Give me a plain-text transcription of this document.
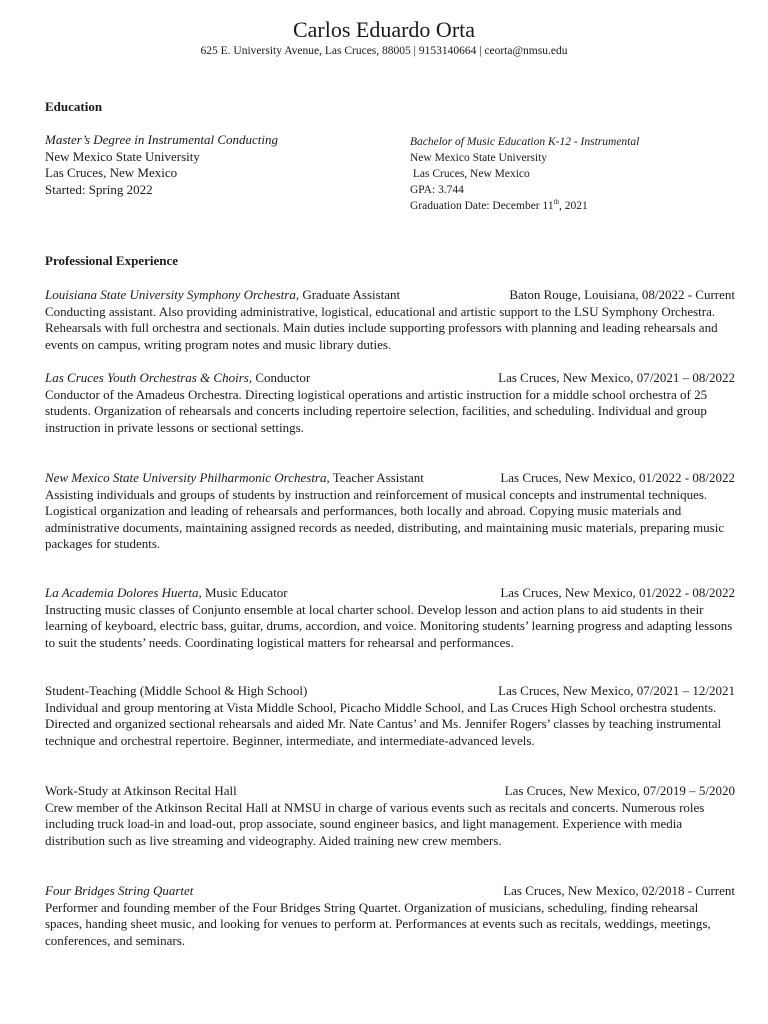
Carlos Eduardo Orta
625 E. University Avenue, Las Cruces, 88005 | 9153140664 | ceorta@nmsu.edu
Education
Master’s Degree in Instrumental Conducting
New Mexico State University
Las Cruces, New Mexico
Started: Spring 2022
Bachelor of Music Education K-12 - Instrumental
New Mexico State University
Las Cruces, New Mexico
GPA: 3.744
Graduation Date: December 11th, 2021
Professional Experience
Louisiana State University Symphony Orchestra, Graduate Assistant	Baton Rouge, Louisiana, 08/2022 - Current

Conducting assistant. Also providing administrative, logistical, educational and artistic support to the LSU Symphony Orchestra. Rehearsals with full orchestra and sectionals. Main duties include supporting professors with planning and leading rehearsals and events on campus, writing program notes and music library duties.

Las Cruces Youth Orchestras & Choirs, Conductor	Las Cruces, New Mexico, 07/2021 – 08/2022

Conductor of the Amadeus Orchestra. Directing logistical operations and artistic instruction for a middle school orchestra of 25 students. Organization of rehearsals and concerts including repertoire selection, facilities, and scheduling. Individual and group instruction in private lessons or sectional settings.

New Mexico State University Philharmonic Orchestra, Teacher Assistant	Las Cruces, New Mexico, 01/2022 - 08/2022

Assisting individuals and groups of students by instruction and reinforcement of musical concepts and instrumental techniques. Logistical organization and leading of rehearsals and performances, both locally and abroad. Copying music materials and administrative documents, maintaining assigned records as needed, distributing, and maintaining music materials, preparing music packages for students.

La Academia Dolores Huerta, Music Educator	Las Cruces, New Mexico, 01/2022 - 08/2022

Instructing music classes of Conjunto ensemble at local charter school. Develop lesson and action plans to aid students in their learning of keyboard, electric bass, guitar, drums, accordion, and voice. Monitoring students’ learning progress and adapting lessons to suit the students’ needs. Coordinating logistical matters for rehearsal and performances.

Student-Teaching (Middle School & High School)	Las Cruces, New Mexico, 07/2021 – 12/2021

Individual and group mentoring at Vista Middle School, Picacho Middle School, and Las Cruces High School orchestra students. Directed and organized sectional rehearsals and aided Mr. Nate Cantus’ and Ms. Jennifer Rogers’ classes by teaching instrumental technique and orchestral repertoire. Beginner, intermediate, and intermediate-advanced levels.

Work-Study at Atkinson Recital Hall	Las Cruces, New Mexico, 07/2019 – 5/2020

Crew member of the Atkinson Recital Hall at NMSU in charge of various events such as recitals and concerts. Numerous roles including truck load-in and load-out, prop associate, sound engineer basics, and light management. Experience with media distribution such as live streaming and videography. Aided training new crew members.

Four Bridges String Quartet	Las Cruces, New Mexico, 02/2018 - Current

Performer and founding member of the Four Bridges String Quartet. Organization of musicians, scheduling, finding rehearsal spaces, handing sheet music, and looking for venues to perform at. Performances at events such as recitals, weddings, meetings, conferences, and seminars.
